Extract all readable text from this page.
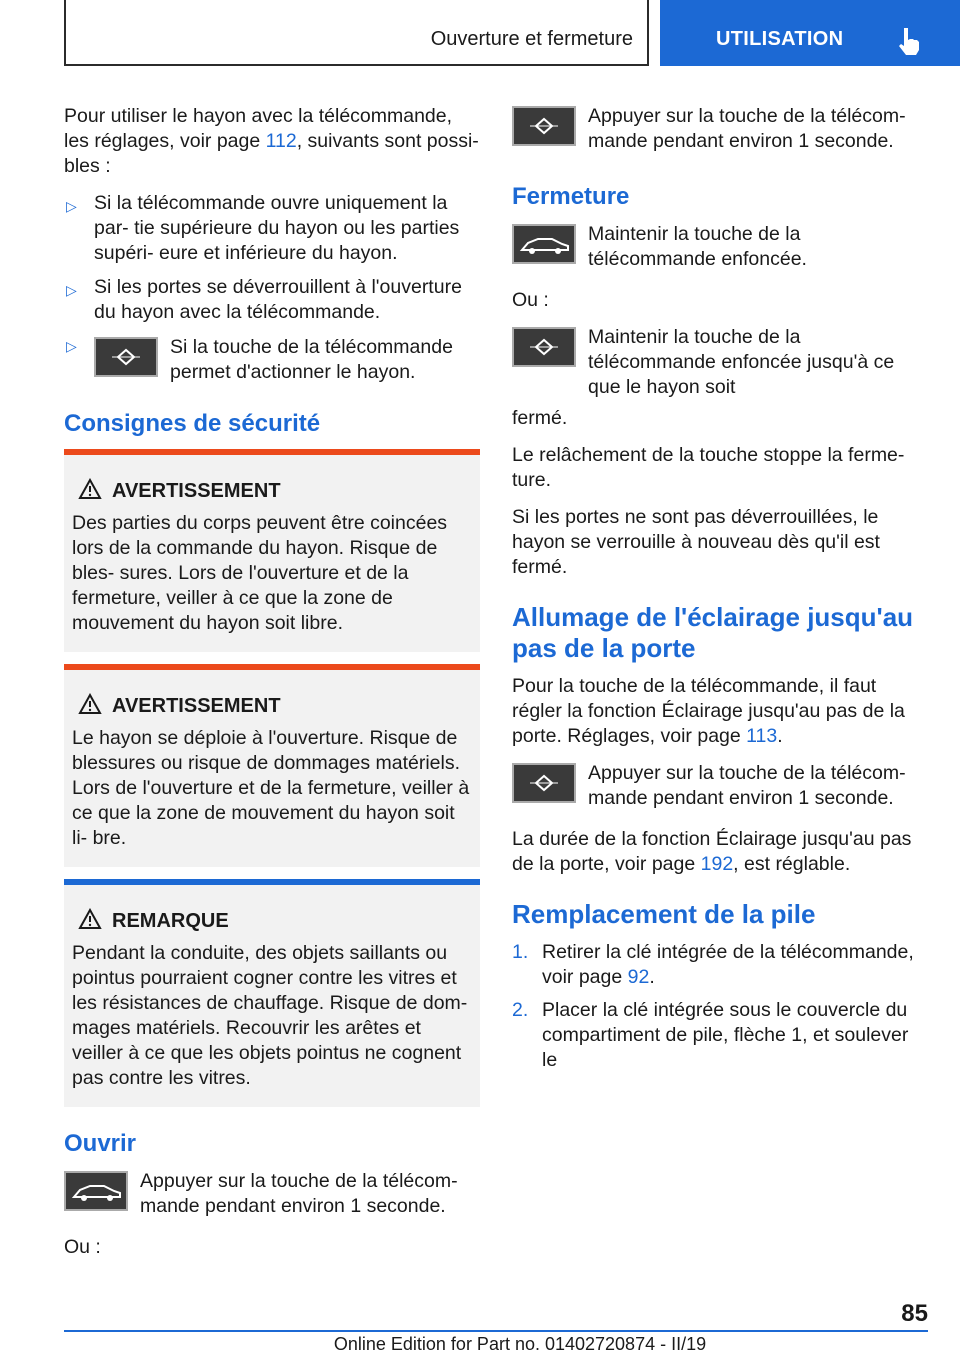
Ouverture et fermeture	UTILISATION

Pour utiliser le hayon avec la télécommande, les réglages, voir page 112, suivants sont possi‐ bles :

▷ Si la télécommande ouvre uniquement la par‐ tie supérieure du hayon ou les parties supéri‐ eure et inférieure du hayon.
▷ Si les portes se déverrouillent à l'ouverture du hayon avec la télécommande.
▷	Si la touche de la télécommande permet d'actionner le hayon.
Consignes de sécurité
AVERTISSEMENT
Des parties du corps peuvent être coincées lors de la commande du hayon. Risque de bles‐ sures. Lors de l'ouverture et de la fermeture, veiller à ce que la zone de mouvement du hayon soit libre.
AVERTISSEMENT
Le hayon se déploie à l'ouverture. Risque de blessures ou risque de dommages matériels. Lors de l'ouverture et de la fermeture, veiller à ce que la zone de mouvement du hayon soit li‐ bre.
REMARQUE
Pendant la conduite, des objets saillants ou pointus pourraient cogner contre les vitres et les résistances de chauffage. Risque de dom‐ mages matériels. Recouvrir les arêtes et veiller à ce que les objets pointus ne cognent pas contre les vitres.
Ouvrir
Appuyer sur la touche de la télécom‐ mande pendant environ 1 seconde.

Ou :

Appuyer sur la touche de la télécom‐ mande pendant environ 1 seconde.
Fermeture
Maintenir la touche de la télécommande enfoncée.

Ou :

Maintenir la touche de la télécommande enfoncée jusqu'à ce que le hayon soit

fermé.

Le relâchement de la touche stoppe la ferme‐ ture.

Si les portes ne sont pas déverrouillées, le hayon se verrouille à nouveau dès qu'il est fermé.

Allumage de l'éclairage jusqu'au pas de la porte

Pour la touche de la télécommande, il faut régler la fonction Éclairage jusqu'au pas de la porte. Réglages, voir page 113.

Appuyer sur la touche de la télécom‐ mande pendant environ 1 seconde.

La durée de la fonction Éclairage jusqu'au pas de la porte, voir page 192, est réglable.

Remplacement de la pile
1. Retirer la clé intégrée de la télécommande, voir page 92.
2. Placer la clé intégrée sous le couvercle du compartiment de pile, flèche 1, et soulever le
85
Online Edition for Part no. 01402720874 - II/19
